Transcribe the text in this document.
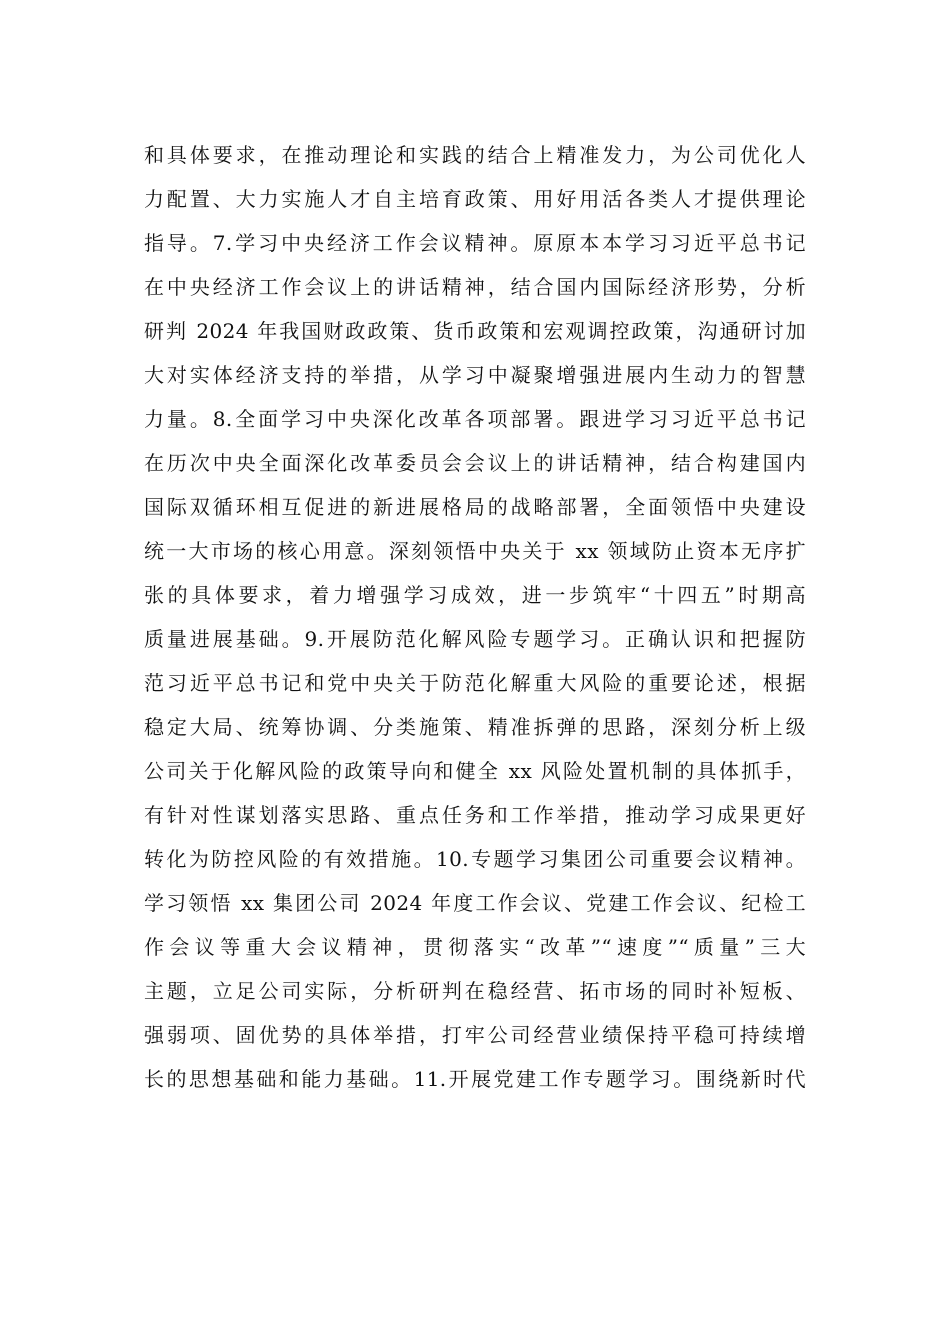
和具体要求，在推动理论和实践的结合上精准发力，为公司优化人
力配置、大力实施人才自主培育政策、用好用活各类人才提供理论
指导。7.学习中央经济工作会议精神。原原本本学习习近平总书记
在中央经济工作会议上的讲话精神，结合国内国际经济形势，分析
研判 2024 年我国财政政策、货币政策和宏观调控政策，沟通研讨加
大对实体经济支持的举措，从学习中凝聚增强进展内生动力的智慧
力量。8.全面学习中央深化改革各项部署。跟进学习习近平总书记
在历次中央全面深化改革委员会会议上的讲话精神，结合构建国内
国际双循环相互促进的新进展格局的战略部署，全面领悟中央建设
统一大市场的核心用意。深刻领悟中央关于 xx 领域防止资本无序扩
张的具体要求，着力增强学习成效，进一步筑牢“十四五”时期高
质量进展基础。9.开展防范化解风险专题学习。正确认识和把握防
范习近平总书记和党中央关于防范化解重大风险的重要论述，根据
稳定大局、统筹协调、分类施策、精准拆弹的思路，深刻分析上级
公司关于化解风险的政策导向和健全 xx 风险处置机制的具体抓手，
有针对性谋划落实思路、重点任务和工作举措，推动学习成果更好
转化为防控风险的有效措施。10.专题学习集团公司重要会议精神。
学习领悟 xx 集团公司 2024 年度工作会议、党建工作会议、纪检工
作会议等重大会议精神，贯彻落实“改革”“速度”“质量”三大
主题，立足公司实际，分析研判在稳经营、拓市场的同时补短板、
强弱项、固优势的具体举措，打牢公司经营业绩保持平稳可持续增
长的思想基础和能力基础。11.开展党建工作专题学习。围绕新时代
